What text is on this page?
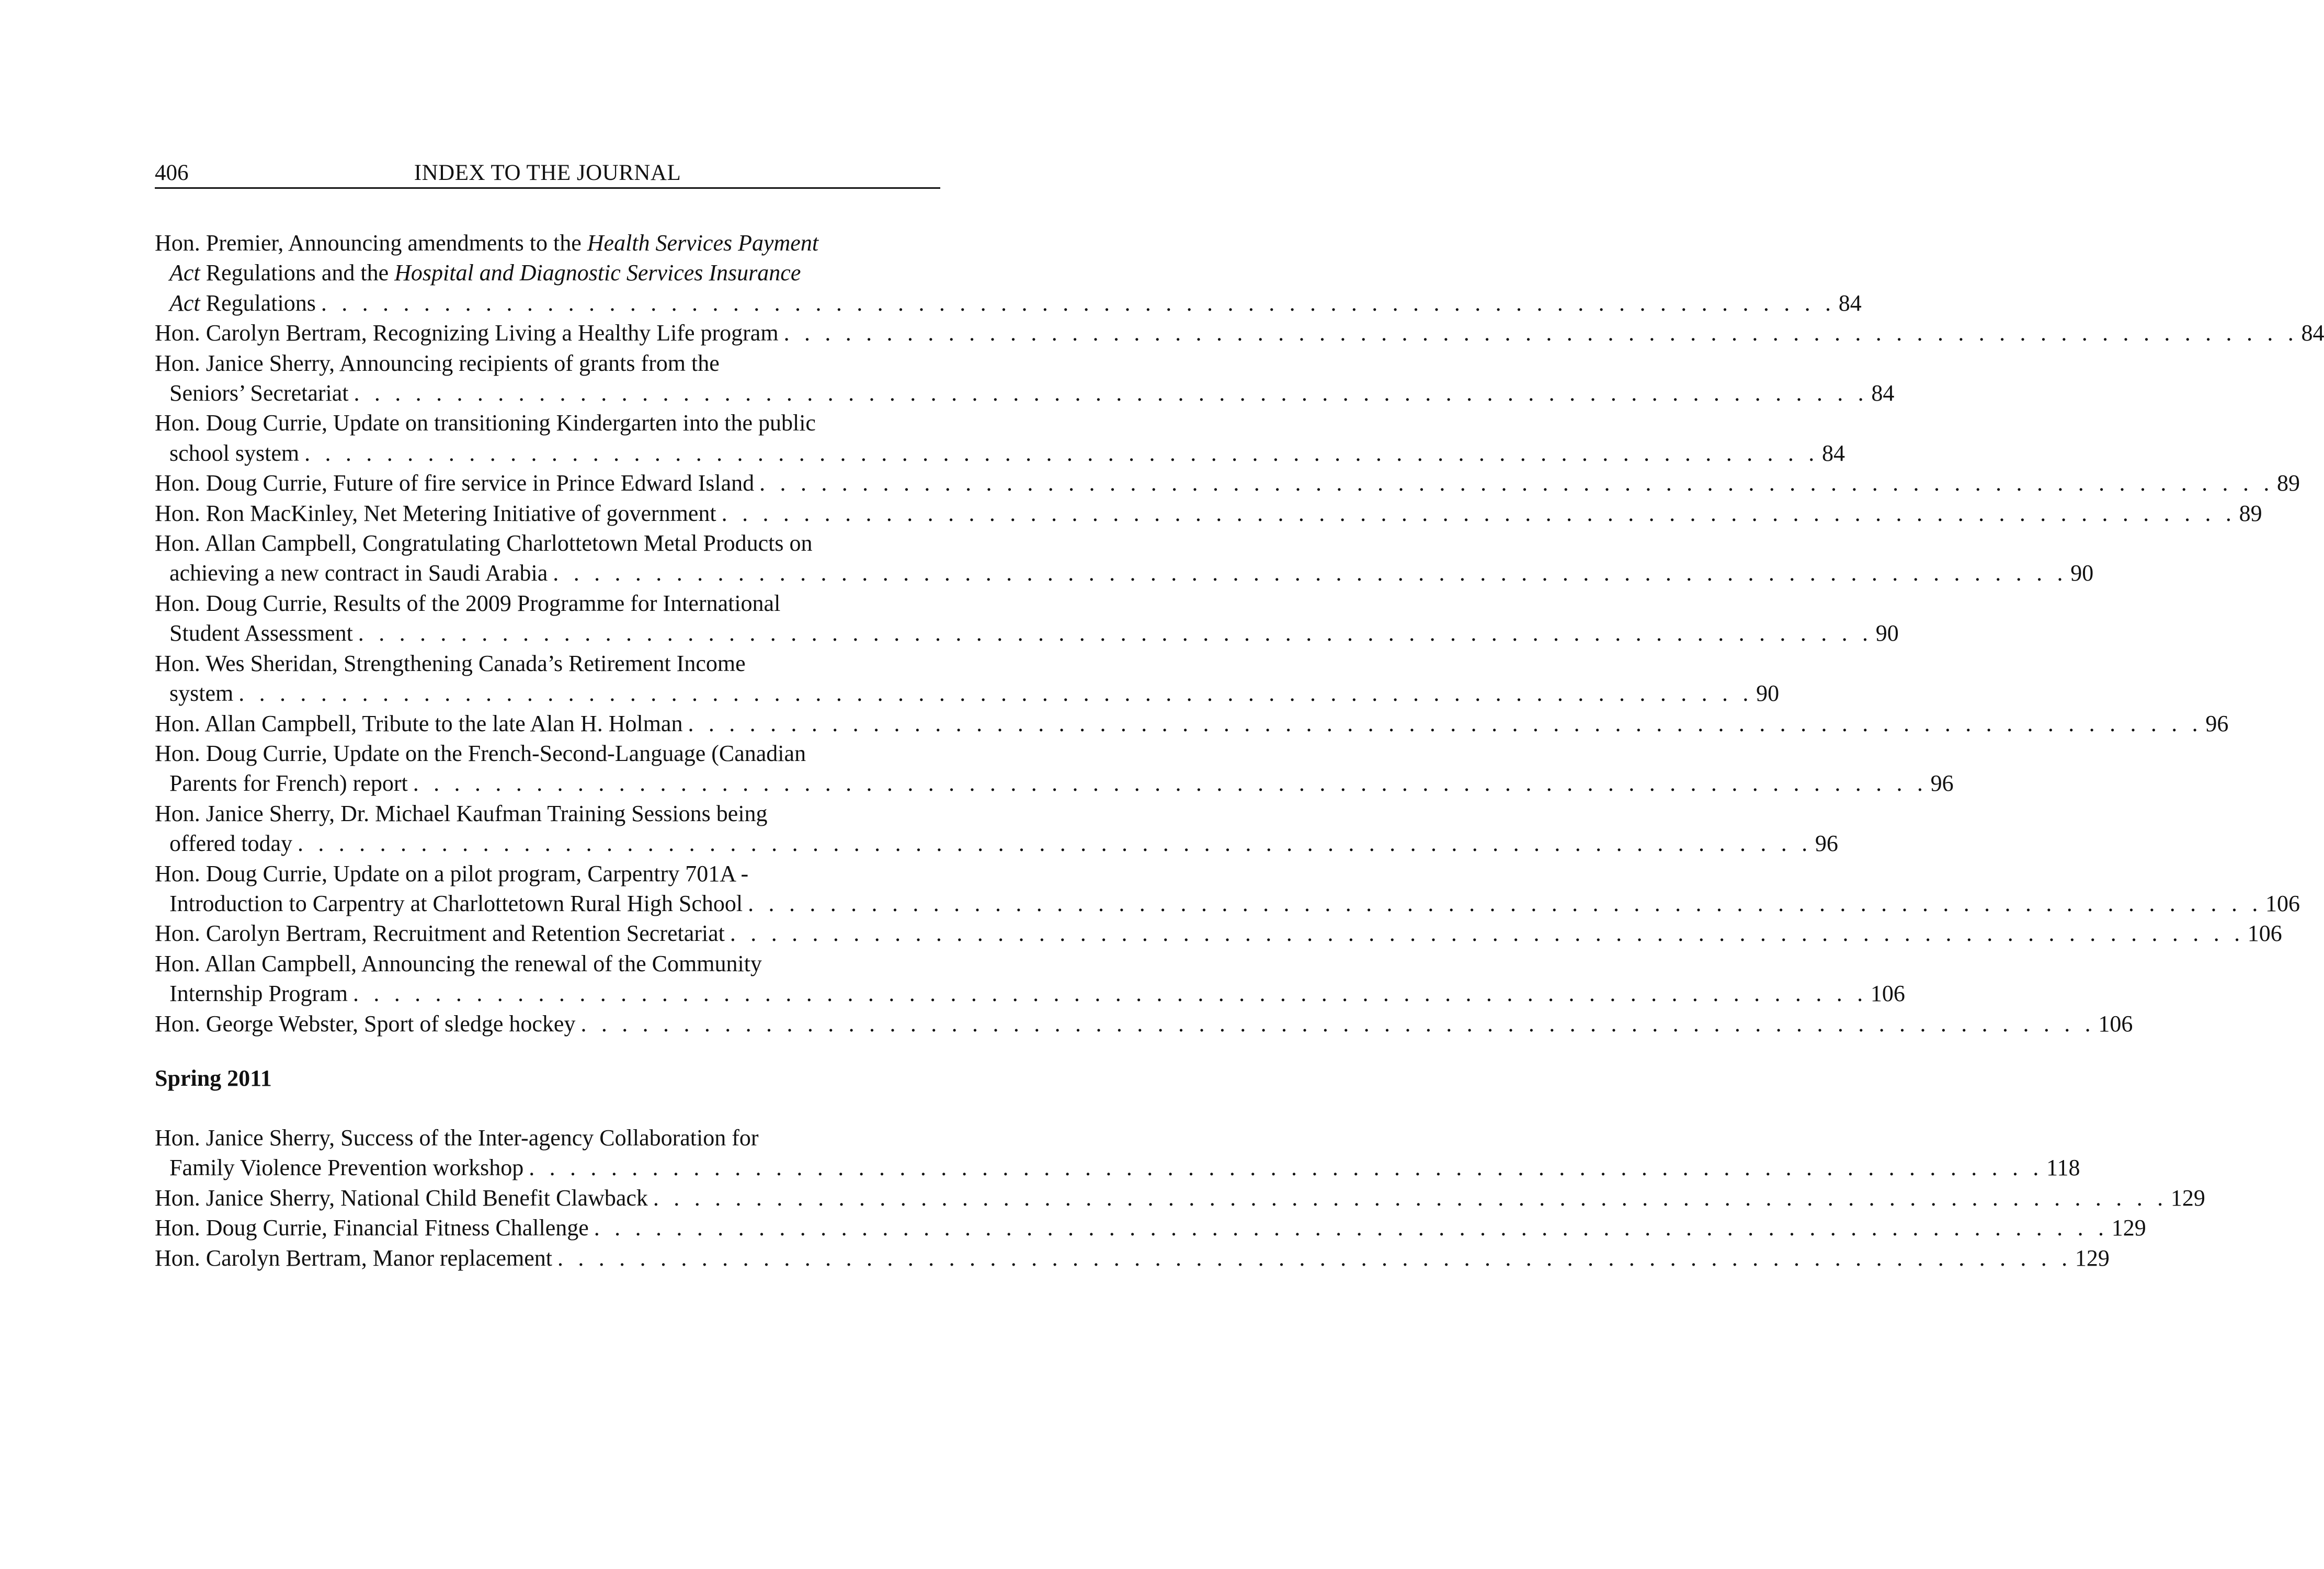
406	INDEX TO THE JOURNAL
Hon. Premier, Announcing amendments to the Health Services Payment
Act Regulations and the Hospital and Diagnostic Services Insurance
Act Regulations . . . . . . . . . . . . . . . . . . . . . . . . . . . . . . . . . . . . . . . . . . . . . . . . . . . . . . . . . . . . . . . . . . . . . . . . . . 84
Hon. Carolyn Bertram, Recognizing Living a Healthy Life program . . . . . . . . . . . . . . . . . . . . . . . . . . . . . . . . . . . . . . . . . . . . . . . . . . . . . . . . . . . . . . . . . . . . . . . . . . 84
Hon. Janice Sherry, Announcing recipients of grants from the
Seniors’ Secretariat . . . . . . . . . . . . . . . . . . . . . . . . . . . . . . . . . . . . . . . . . . . . . . . . . . . . . . . . . . . . . . . . . . . . . . . . . . 84
Hon. Doug Currie, Update on transitioning Kindergarten into the public
school system . . . . . . . . . . . . . . . . . . . . . . . . . . . . . . . . . . . . . . . . . . . . . . . . . . . . . . . . . . . . . . . . . . . . . . . . . . 84
Hon. Doug Currie, Future of fire service in Prince Edward Island . . . . . . . . . . . . . . . . . . . . . . . . . . . . . . . . . . . . . . . . . . . . . . . . . . . . . . . . . . . . . . . . . . . . . . . . . . 89
Hon. Ron MacKinley, Net Metering Initiative of government . . . . . . . . . . . . . . . . . . . . . . . . . . . . . . . . . . . . . . . . . . . . . . . . . . . . . . . . . . . . . . . . . . . . . . . . . . 89
Hon. Allan Campbell, Congratulating Charlottetown Metal Products on
achieving a new contract in Saudi Arabia . . . . . . . . . . . . . . . . . . . . . . . . . . . . . . . . . . . . . . . . . . . . . . . . . . . . . . . . . . . . . . . . . . . . . . . . . . 90
Hon. Doug Currie, Results of the 2009 Programme for International
Student Assessment . . . . . . . . . . . . . . . . . . . . . . . . . . . . . . . . . . . . . . . . . . . . . . . . . . . . . . . . . . . . . . . . . . . . . . . . . . 90
Hon. Wes Sheridan, Strengthening Canada’s Retirement Income
system . . . . . . . . . . . . . . . . . . . . . . . . . . . . . . . . . . . . . . . . . . . . . . . . . . . . . . . . . . . . . . . . . . . . . . . . . . 90
Hon. Allan Campbell, Tribute to the late Alan H. Holman . . . . . . . . . . . . . . . . . . . . . . . . . . . . . . . . . . . . . . . . . . . . . . . . . . . . . . . . . . . . . . . . . . . . . . . . . . 96
Hon. Doug Currie, Update on the French-Second-Language (Canadian
Parents for French) report . . . . . . . . . . . . . . . . . . . . . . . . . . . . . . . . . . . . . . . . . . . . . . . . . . . . . . . . . . . . . . . . . . . . . . . . . . 96
Hon. Janice Sherry, Dr. Michael Kaufman Training Sessions being
offered today . . . . . . . . . . . . . . . . . . . . . . . . . . . . . . . . . . . . . . . . . . . . . . . . . . . . . . . . . . . . . . . . . . . . . . . . . . 96
Hon. Doug Currie, Update on a pilot program, Carpentry 701A -
Introduction to Carpentry at Charlottetown Rural High School . . . . . . . . . . . . . . . . . . . . . . . . . . . . . . . . . . . . . . . . . . . . . . . . . . . . . . . . . . . . . . . . . . . . . . . . . . 106
Hon. Carolyn Bertram, Recruitment and Retention Secretariat . . . . . . . . . . . . . . . . . . . . . . . . . . . . . . . . . . . . . . . . . . . . . . . . . . . . . . . . . . . . . . . . . . . . . . . . . . 106
Hon. Allan Campbell, Announcing the renewal of the Community
Internship Program . . . . . . . . . . . . . . . . . . . . . . . . . . . . . . . . . . . . . . . . . . . . . . . . . . . . . . . . . . . . . . . . . . . . . . . . . . 106
Hon. George Webster, Sport of sledge hockey . . . . . . . . . . . . . . . . . . . . . . . . . . . . . . . . . . . . . . . . . . . . . . . . . . . . . . . . . . . . . . . . . . . . . . . . . . 106
Spring 2011
Hon. Janice Sherry, Success of the Inter-agency Collaboration for
Family Violence Prevention workshop . . . . . . . . . . . . . . . . . . . . . . . . . . . . . . . . . . . . . . . . . . . . . . . . . . . . . . . . . . . . . . . . . . . . . . . . . . 118
Hon. Janice Sherry, National Child Benefit Clawback . . . . . . . . . . . . . . . . . . . . . . . . . . . . . . . . . . . . . . . . . . . . . . . . . . . . . . . . . . . . . . . . . . . . . . . . . . 129
Hon. Doug Currie, Financial Fitness Challenge . . . . . . . . . . . . . . . . . . . . . . . . . . . . . . . . . . . . . . . . . . . . . . . . . . . . . . . . . . . . . . . . . . . . . . . . . . 129
Hon. Carolyn Bertram, Manor replacement . . . . . . . . . . . . . . . . . . . . . . . . . . . . . . . . . . . . . . . . . . . . . . . . . . . . . . . . . . . . . . . . . . . . . . . . . . 129
